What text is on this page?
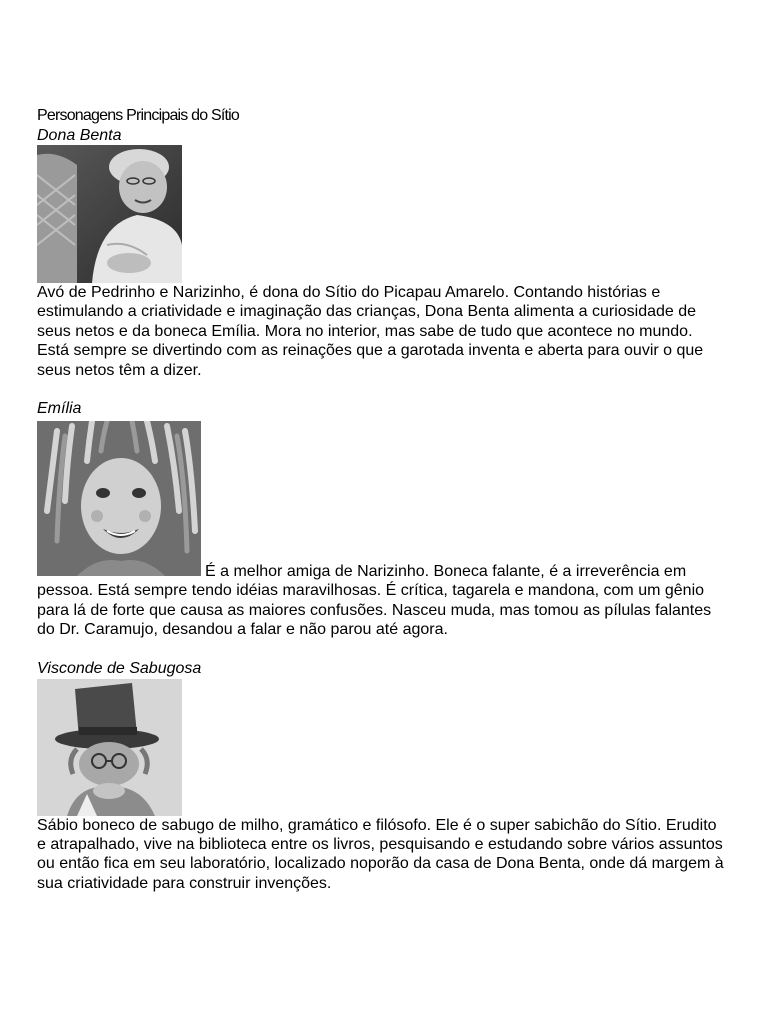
Personagens Principais do Sítio

Dona Benta

Avó de Pedrinho e Narizinho, é dona do Sítio do Picapau Amarelo. Contando histórias e estimulando a criatividade e imaginação das crianças, Dona Benta alimenta a curiosidade de seus netos e da boneca Emília. Mora no interior, mas sabe de tudo que acontece no mundo. Está sempre se divertindo com as reinações que a garotada inventa e aberta para ouvir o que seus netos têm a dizer.

Emília

É a melhor amiga de Narizinho. Boneca falante, é a irreverência em pessoa. Está sempre tendo idéias maravilhosas. É crítica, tagarela e mandona, com um gênio para lá de forte que causa as maiores confusões. Nasceu muda, mas tomou as pílulas falantes do Dr. Caramujo, desandou a falar e não parou até agora.

Visconde de Sabugosa

Sábio boneco de sabugo de milho, gramático e filósofo. Ele é o super sabichão do Sítio. Erudito e atrapalhado, vive na biblioteca entre os livros, pesquisando e estudando sobre vários assuntos ou então fica em seu laboratório, localizado noporão da casa de Dona Benta, onde dá margem à sua criatividade para construir invenções.
